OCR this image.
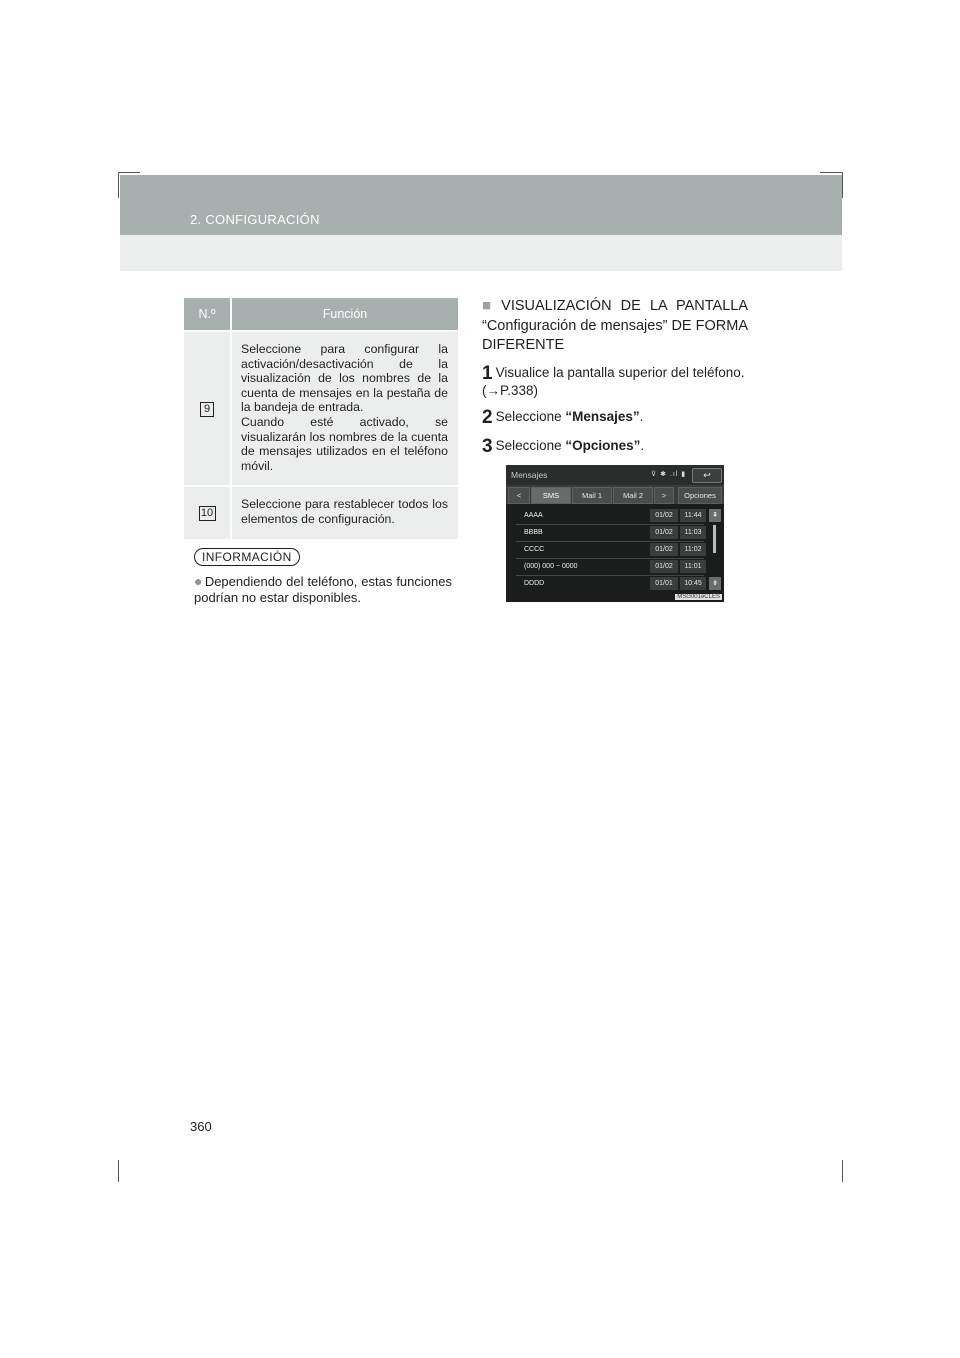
2. CONFIGURACIÓN
N.º	Función
9	Seleccione para configurar la activación/desactivación de la visualización de los nombres de la cuenta de mensajes en la pestaña de la bandeja de entrada.
Cuando esté activado, se visualizarán los nombres de la cuenta de mensajes utilizados en el teléfono móvil.

10	Seleccione para restablecer todos los elementos de configuración.
INFORMACIÓN
● Dependiendo del teléfono, estas funciones podrían no estar disponibles.
■ VISUALIZACIÓN DE LA PANTALLA “Configuración de mensajes” DE FORMA DIFERENTE
1 Visualice la pantalla superior del teléfono. (→P.338)
2 Seleccione “Mensajes”.
3 Seleccione “Opciones”.
Mensajes	⊽ ✱ .ıl ▮	↩
<	SMS	Mail 1	Mail 2	>	Opciones
AAAA	01/02	11:44
BBBB	01/02	11:03
CCCC	01/02	11:02
(000) 000 − 0000	01/02	11:01
DDDD	01/01	10:45
⇞
⇟
MSG001eCLES
360
